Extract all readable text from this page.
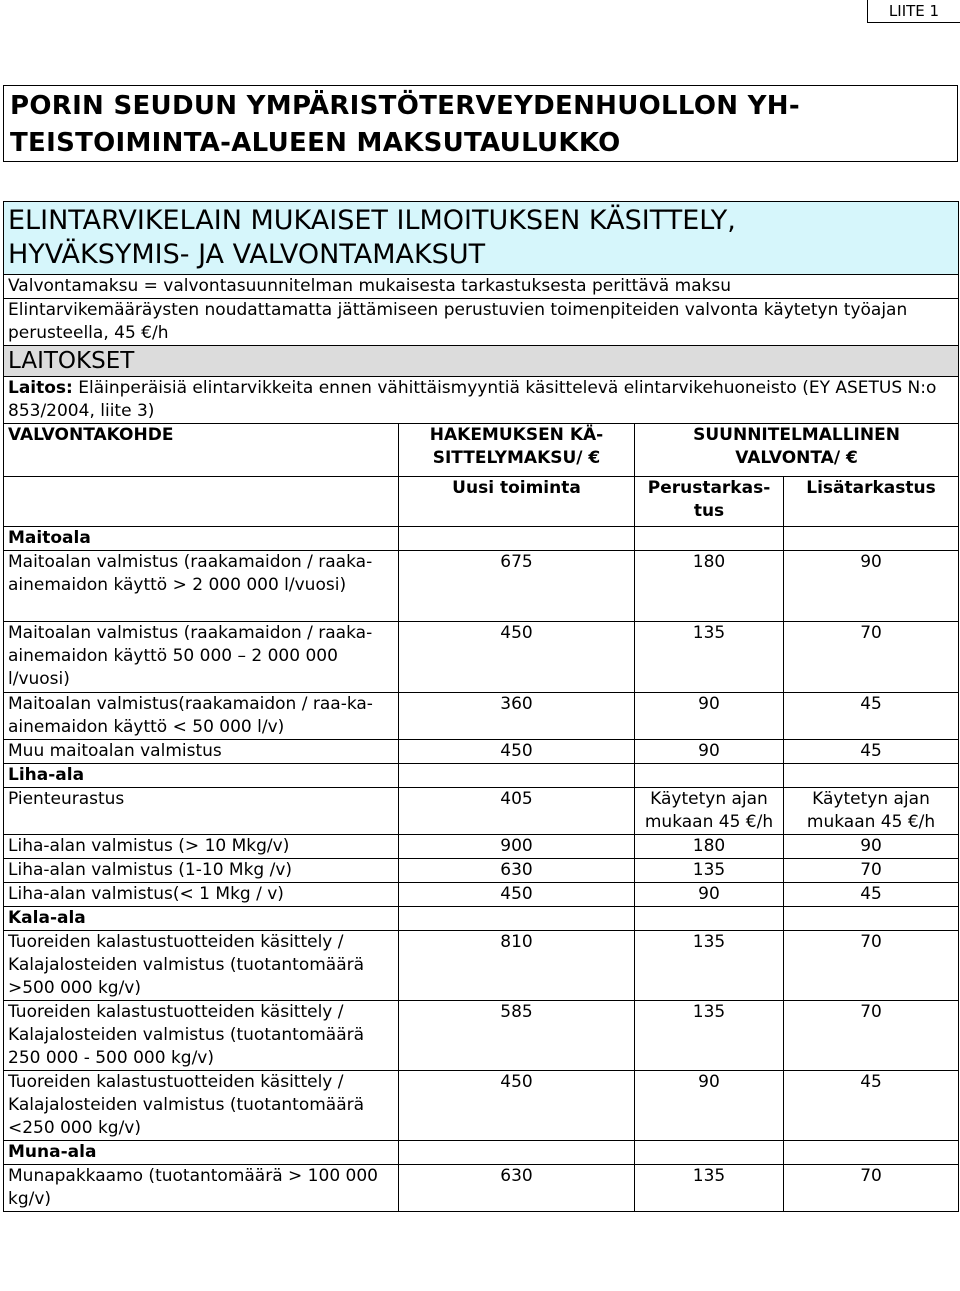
LIITE 1
PORIN SEUDUN YMPÄRISTÖTERVEYDENHUOLLON YH-
TEISTOIMINTA-ALUEEN MAKSUTAULUKKO
ELINTARVIKELAIN MUKAISET ILMOITUKSEN KÄSITTELY,
HYVÄKSYMIS- JA VALVONTAMAKSUT			

Valvontamaksu = valvontasuunnitelman mukaisesta tarkastuksesta perittävä maksu			
Elintarvikemääräysten noudattamatta jättämiseen perustuvien toimenpiteiden valvonta käytetyn työajan perusteella, 45 €/h			
LAITOKSET			
Laitos: Eläinperäisiä elintarvikkeita ennen vähittäismyyntiä käsittelevä elintarvikehuoneisto (EY ASETUS N:o 853/2004, liite 3)			
VALVONTAKOHDE	HAKEMUKSEN KÄ-SITTELYMAKSU/ €	SUUNNITELMALLINEN VALVONTA/ €	
	Uusi toiminta	Perustarkas-tus	Lisätarkastus
Maitoala			
Maitoalan valmistus (raakamaidon / raaka-ainemaidon käyttö > 2 000 000 l/vuosi)	675	180	90
Maitoalan valmistus (raakamaidon / raaka-ainemaidon käyttö 50 000 – 2 000 000 l/vuosi)	450	135	70
Maitoalan valmistus(raakamaidon / raa-ka-ainemaidon käyttö < 50 000 l/v)	360	90	45
Muu maitoalan valmistus	450	90	45
Liha-ala			
Pienteurastus	405	Käytetyn ajan mukaan 45 €/h	Käytetyn ajan mukaan 45 €/h
Liha-alan valmistus (> 10 Mkg/v)	900	180	90
Liha-alan valmistus (1-10 Mkg /v)	630	135	70
Liha-alan valmistus(< 1 Mkg / v)	450	90	45
Kala-ala			
Tuoreiden kalastustuotteiden käsittely / Kalajalosteiden valmistus (tuotantomäärä >500 000 kg/v)	810	135	70
Tuoreiden kalastustuotteiden käsittely / Kalajalosteiden valmistus (tuotantomäärä 250 000 - 500 000 kg/v)	585	135	70
Tuoreiden kalastustuotteiden käsittely / Kalajalosteiden valmistus (tuotantomäärä <250 000 kg/v)	450	90	45
Muna-ala			
Munapakkaamo (tuotantomäärä > 100 000 kg/v)	630	135	70
